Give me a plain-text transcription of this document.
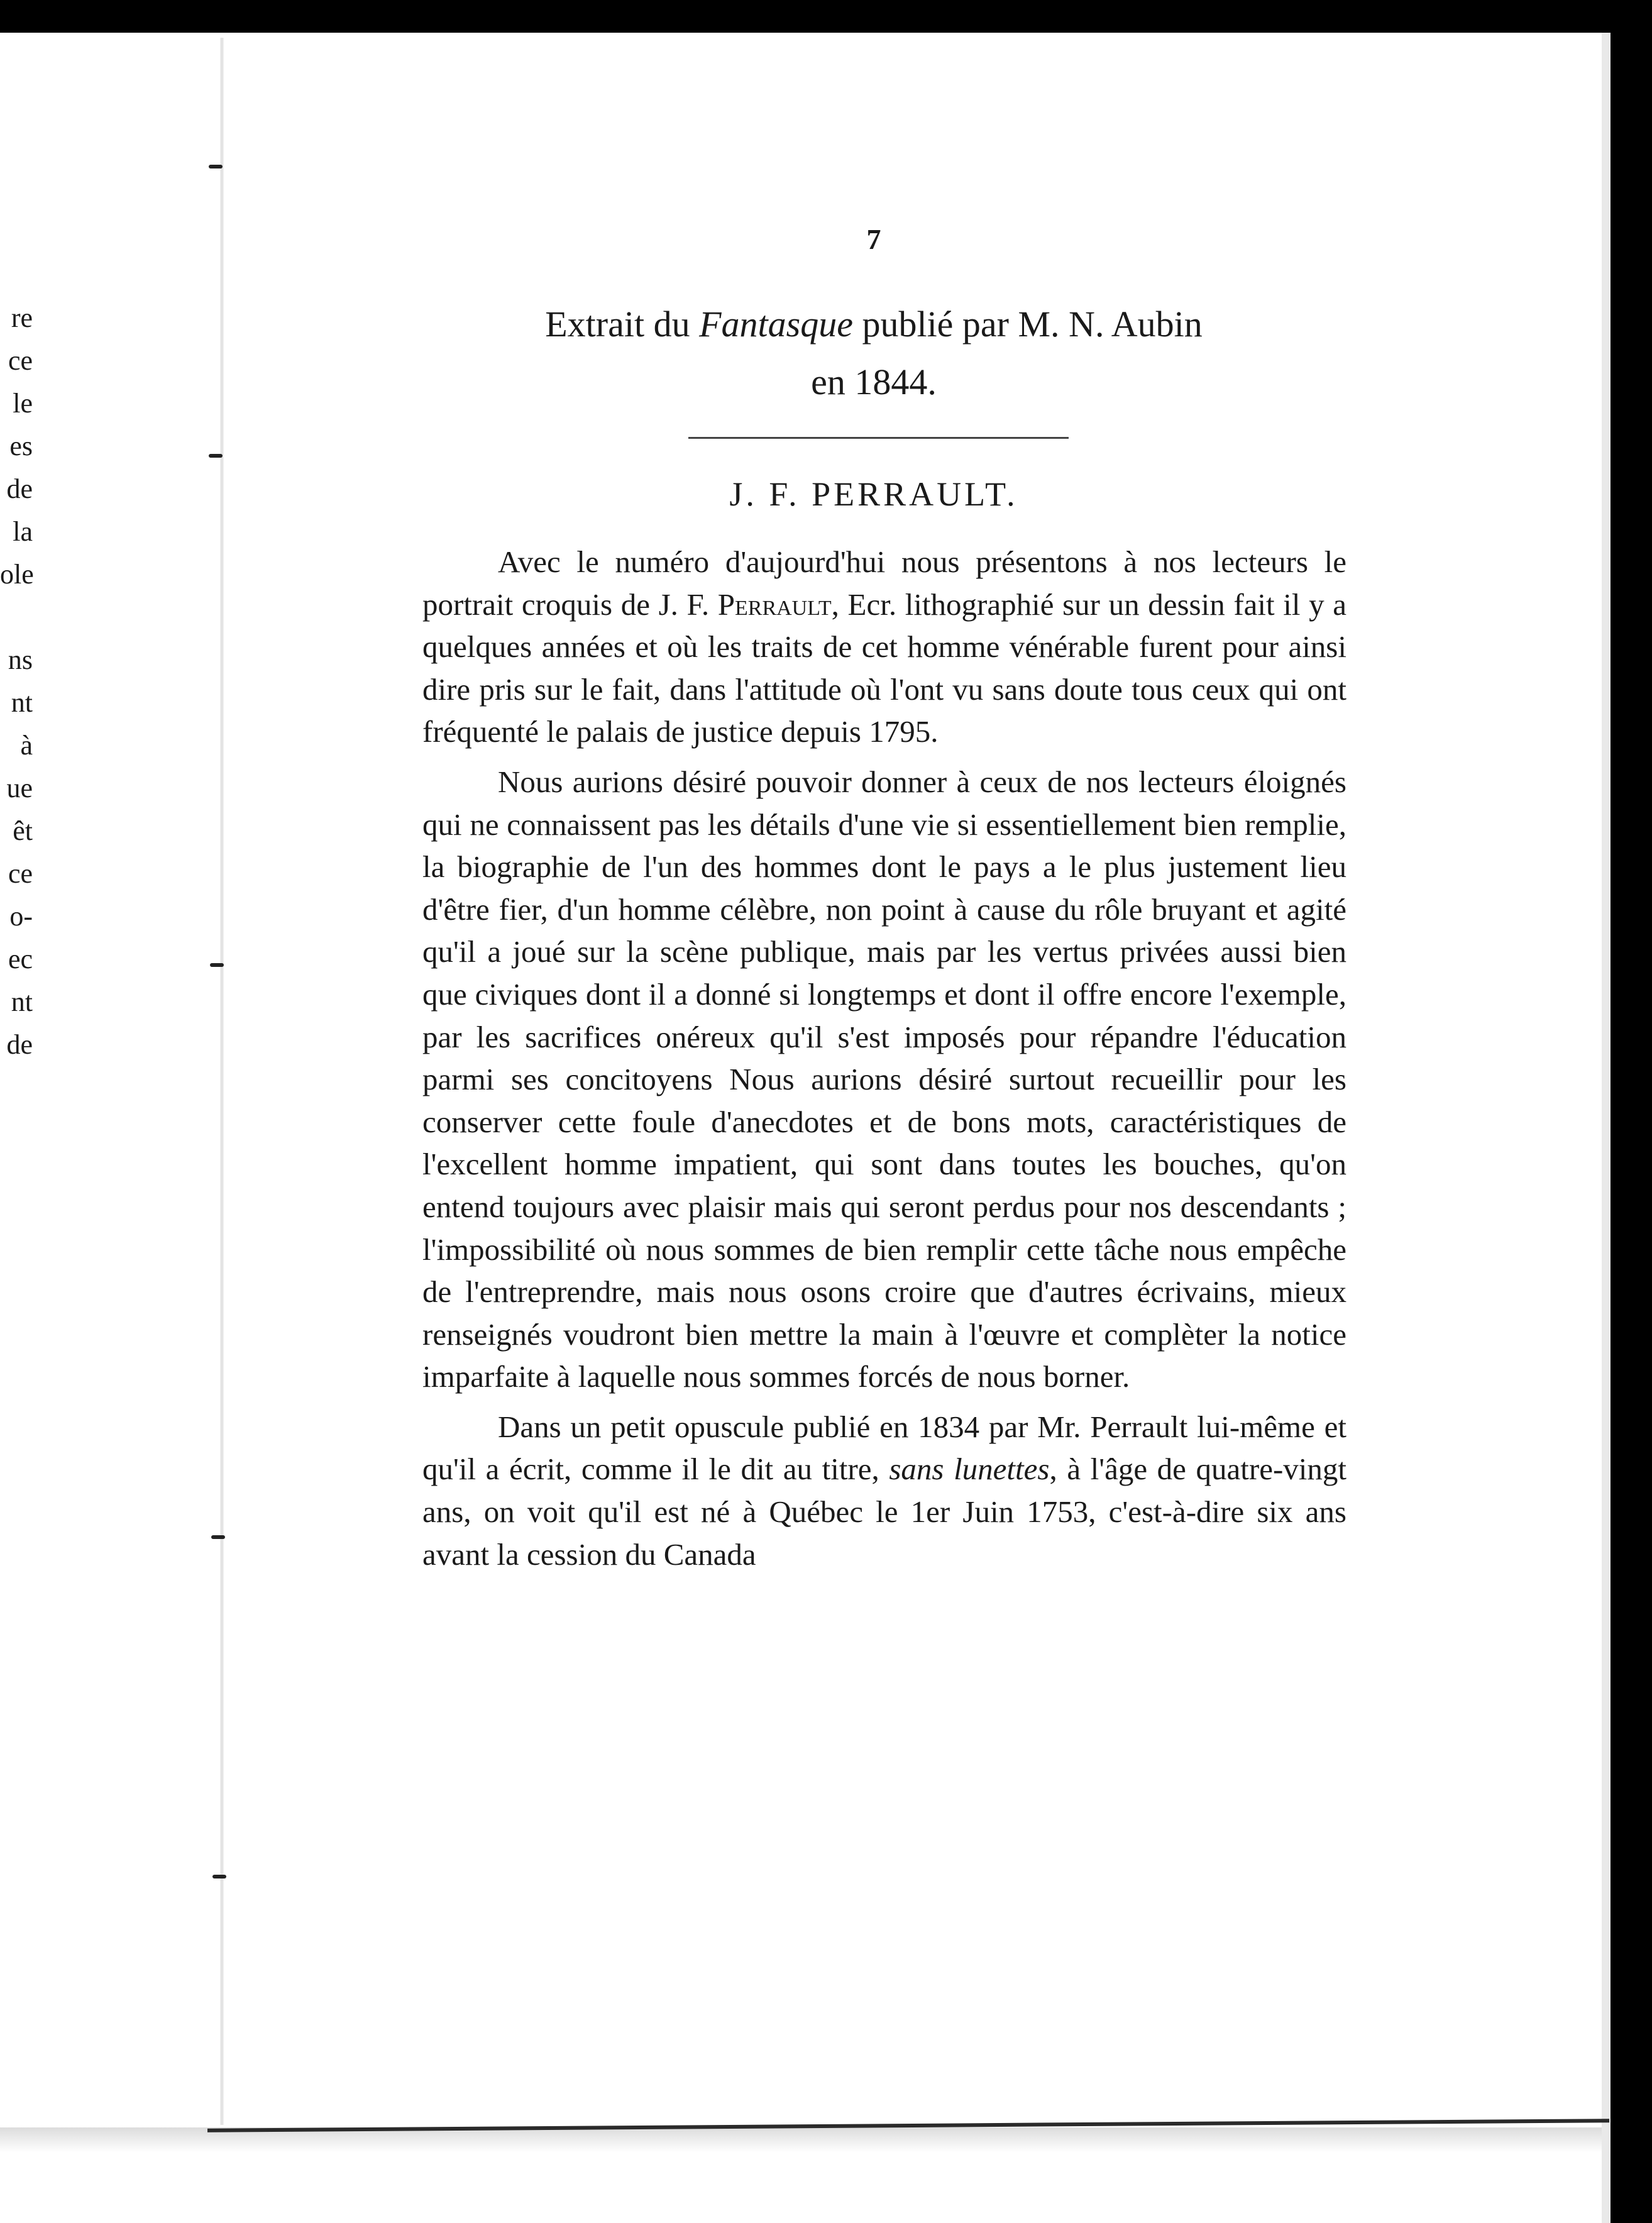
re
ce
le
es
de
la
ole
ns
nt
à
ue
êt
ce
o-
ec
nt
de
7
Extrait du Fantasque publié par M. N. Aubin
en 1844.
J. F. PERRAULT.

Avec le numéro d'aujourd'hui nous présentons à nos lecteurs le portrait croquis de J. F. Perrault, Ecr. lithographié sur un dessin fait il y a quelques années et où les traits de cet homme vénérable furent pour ainsi dire pris sur le fait, dans l'attitude où l'ont vu sans doute tous ceux qui ont fréquenté le palais de justice depuis 1795.

Nous aurions désiré pouvoir donner à ceux de nos lecteurs éloignés qui ne connaissent pas les détails d'une vie si essentiellement bien remplie, la biographie de l'un des hommes dont le pays a le plus justement lieu d'être fier, d'un homme célèbre, non point à cause du rôle bruyant et agité qu'il a joué sur la scène publique, mais par les vertus privées aussi bien que civiques dont il a donné si longtemps et dont il offre encore l'exemple, par les sacrifices onéreux qu'il s'est imposés pour répandre l'éducation parmi ses concitoyens Nous aurions désiré surtout recueillir pour les conserver cette foule d'anecdotes et de bons mots, caractéristiques de l'excellent homme impatient, qui sont dans toutes les bouches, qu'on entend toujours avec plaisir mais qui seront perdus pour nos descendants ; l'impossibilité où nous sommes de bien remplir cette tâche nous empêche de l'entreprendre, mais nous osons croire que d'autres écrivains, mieux renseignés voudront bien mettre la main à l'œuvre et complèter la notice imparfaite à laquelle nous sommes forcés de nous borner.

Dans un petit opuscule publié en 1834 par Mr. Perrault lui-même et qu'il a écrit, comme il le dit au titre, sans lunettes, à l'âge de quatre-vingt ans, on voit qu'il est né à Québec le 1er Juin 1753, c'est-à-dire six ans avant la cession du Canada
